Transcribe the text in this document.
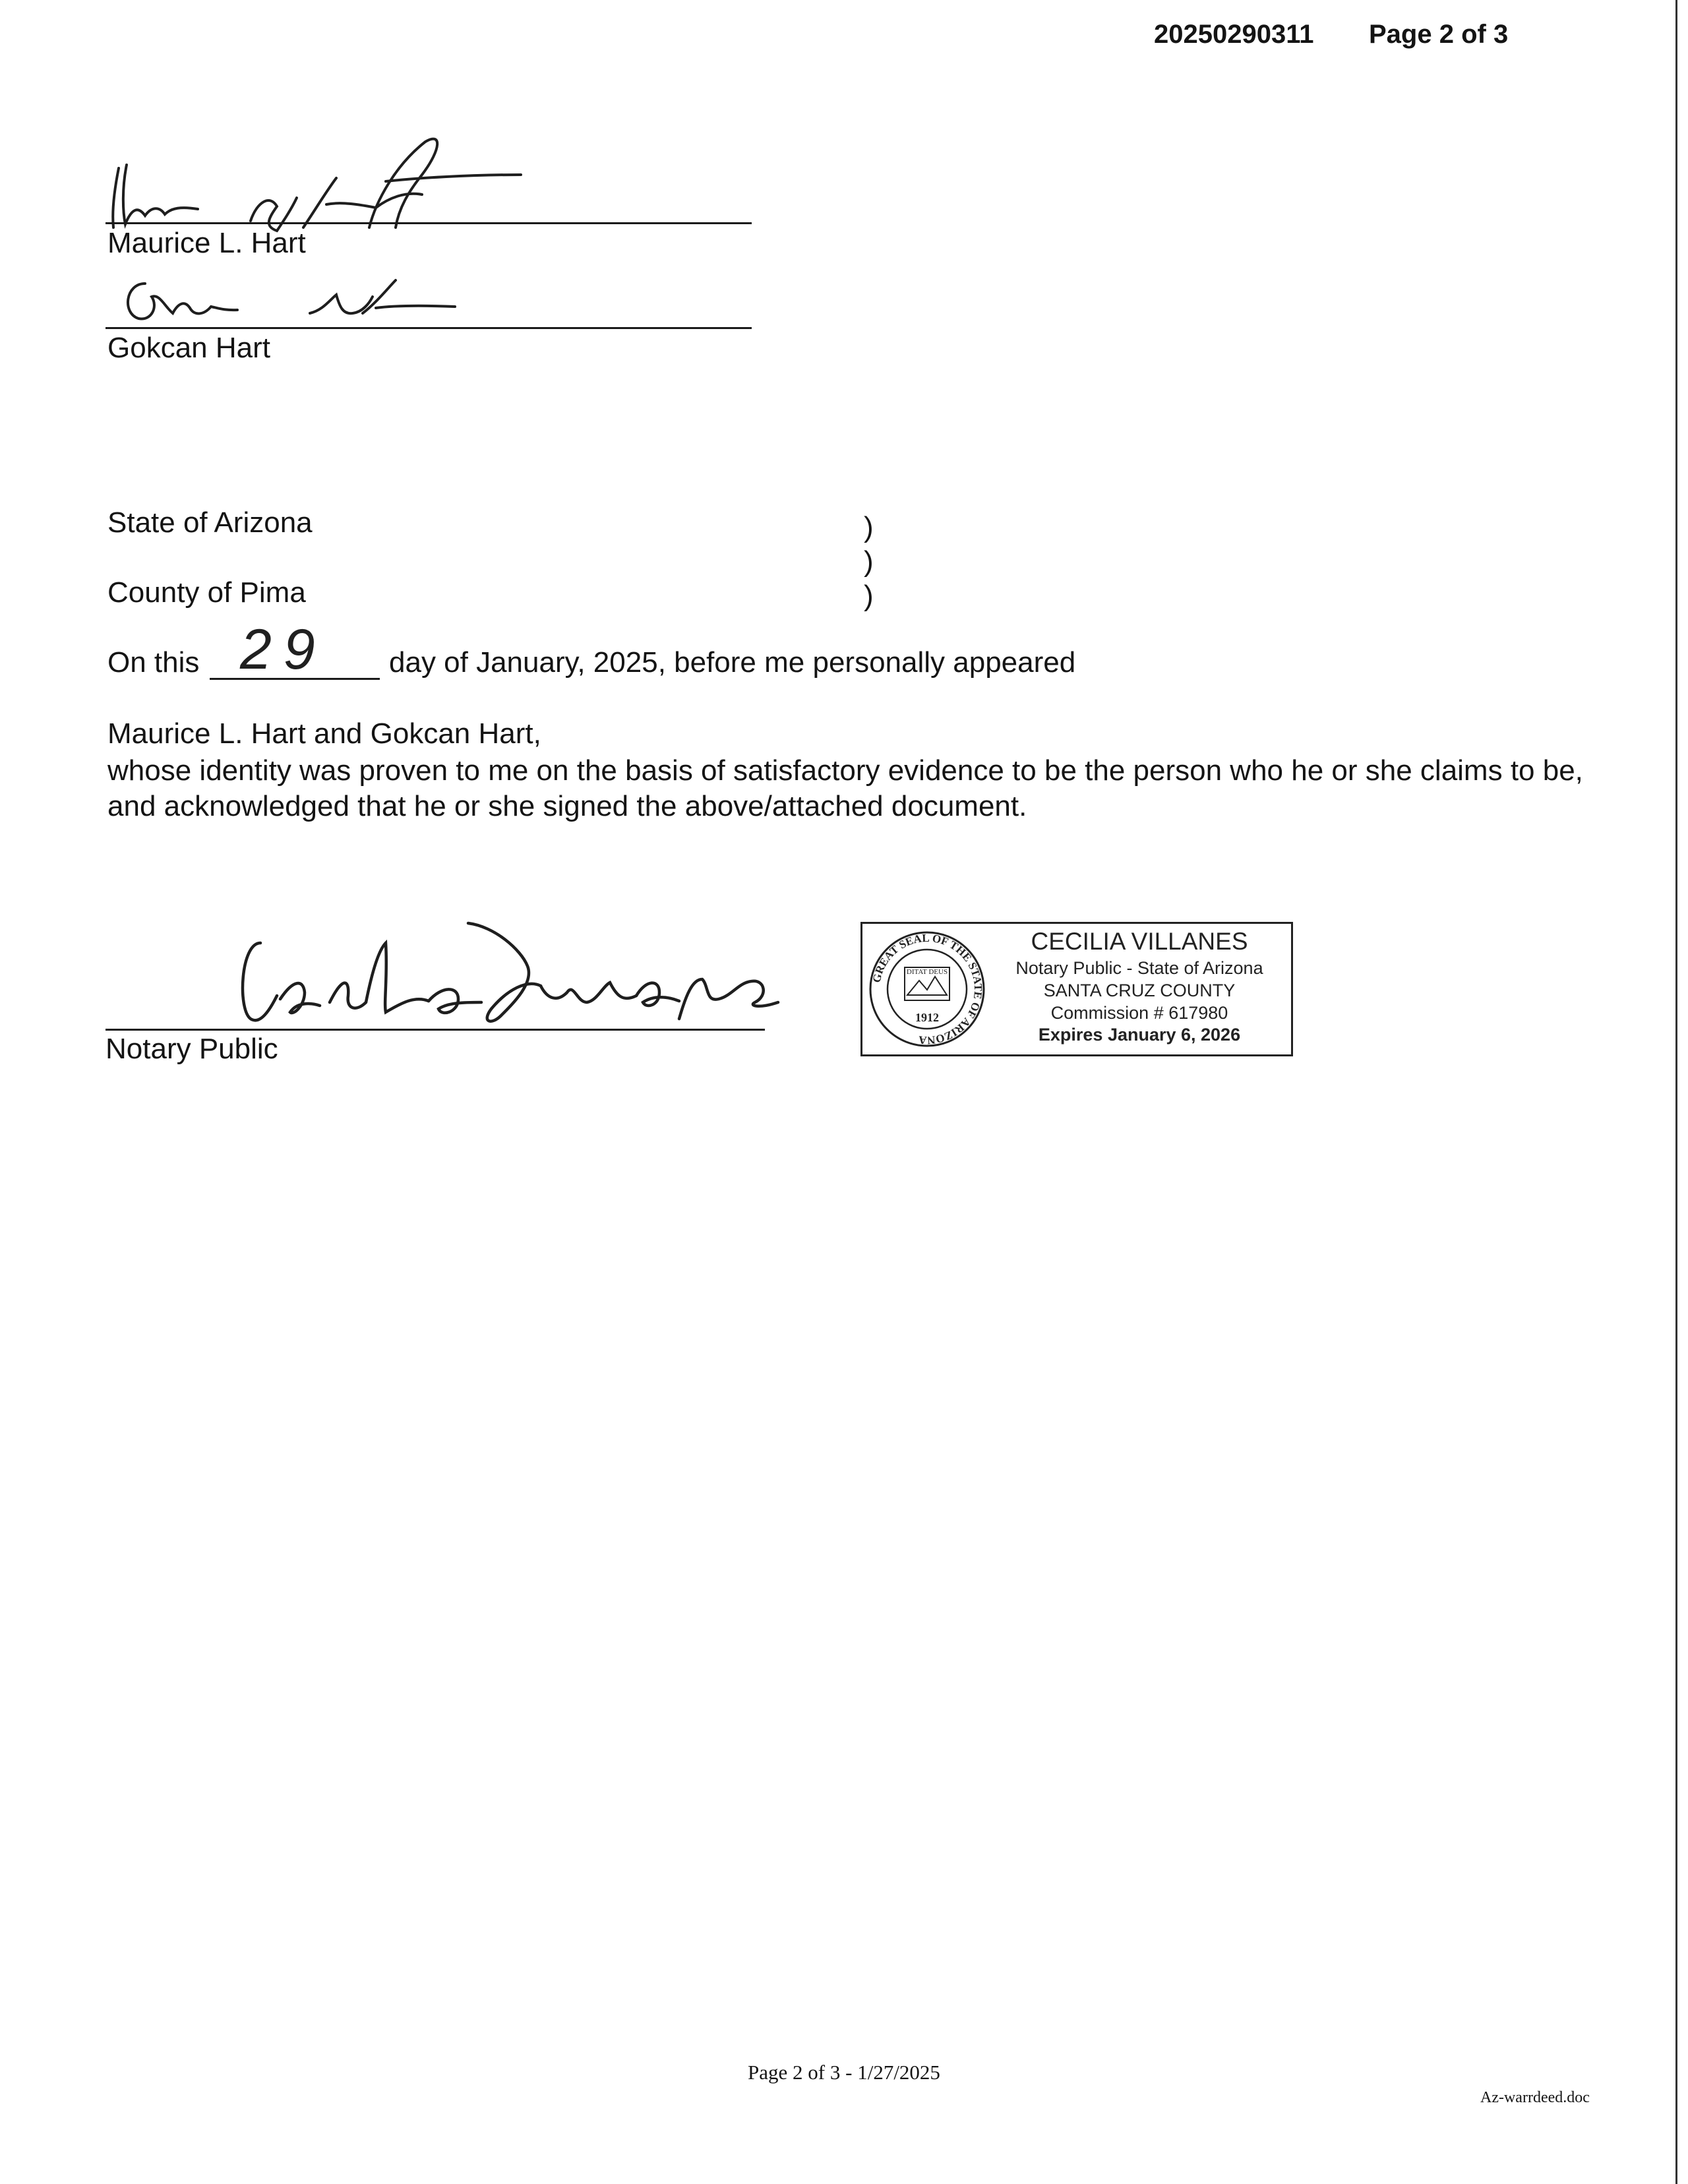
20250290311 Page 2 of 3
Maurice L. Hart
Gokcan Hart
State of Arizona
County of Pima
)
)
)
On this 29 day of January, 2025, before me personally appeared
Maurice L. Hart and Gokcan Hart,
whose identity was proven to me on the basis of satisfactory evidence to be the person who he or she claims to be, and acknowledged that he or she signed the above/attached document.
Notary Public
GREAT SEAL OF THE STATE OF ARIZONA
DITAT DEUS
1912
CECILIA VILLANES
Notary Public - State of Arizona
SANTA CRUZ COUNTY
Commission # 617980
Expires January 6, 2026
Page 2 of 3 - 1/27/2025
Az-warrdeed.doc
